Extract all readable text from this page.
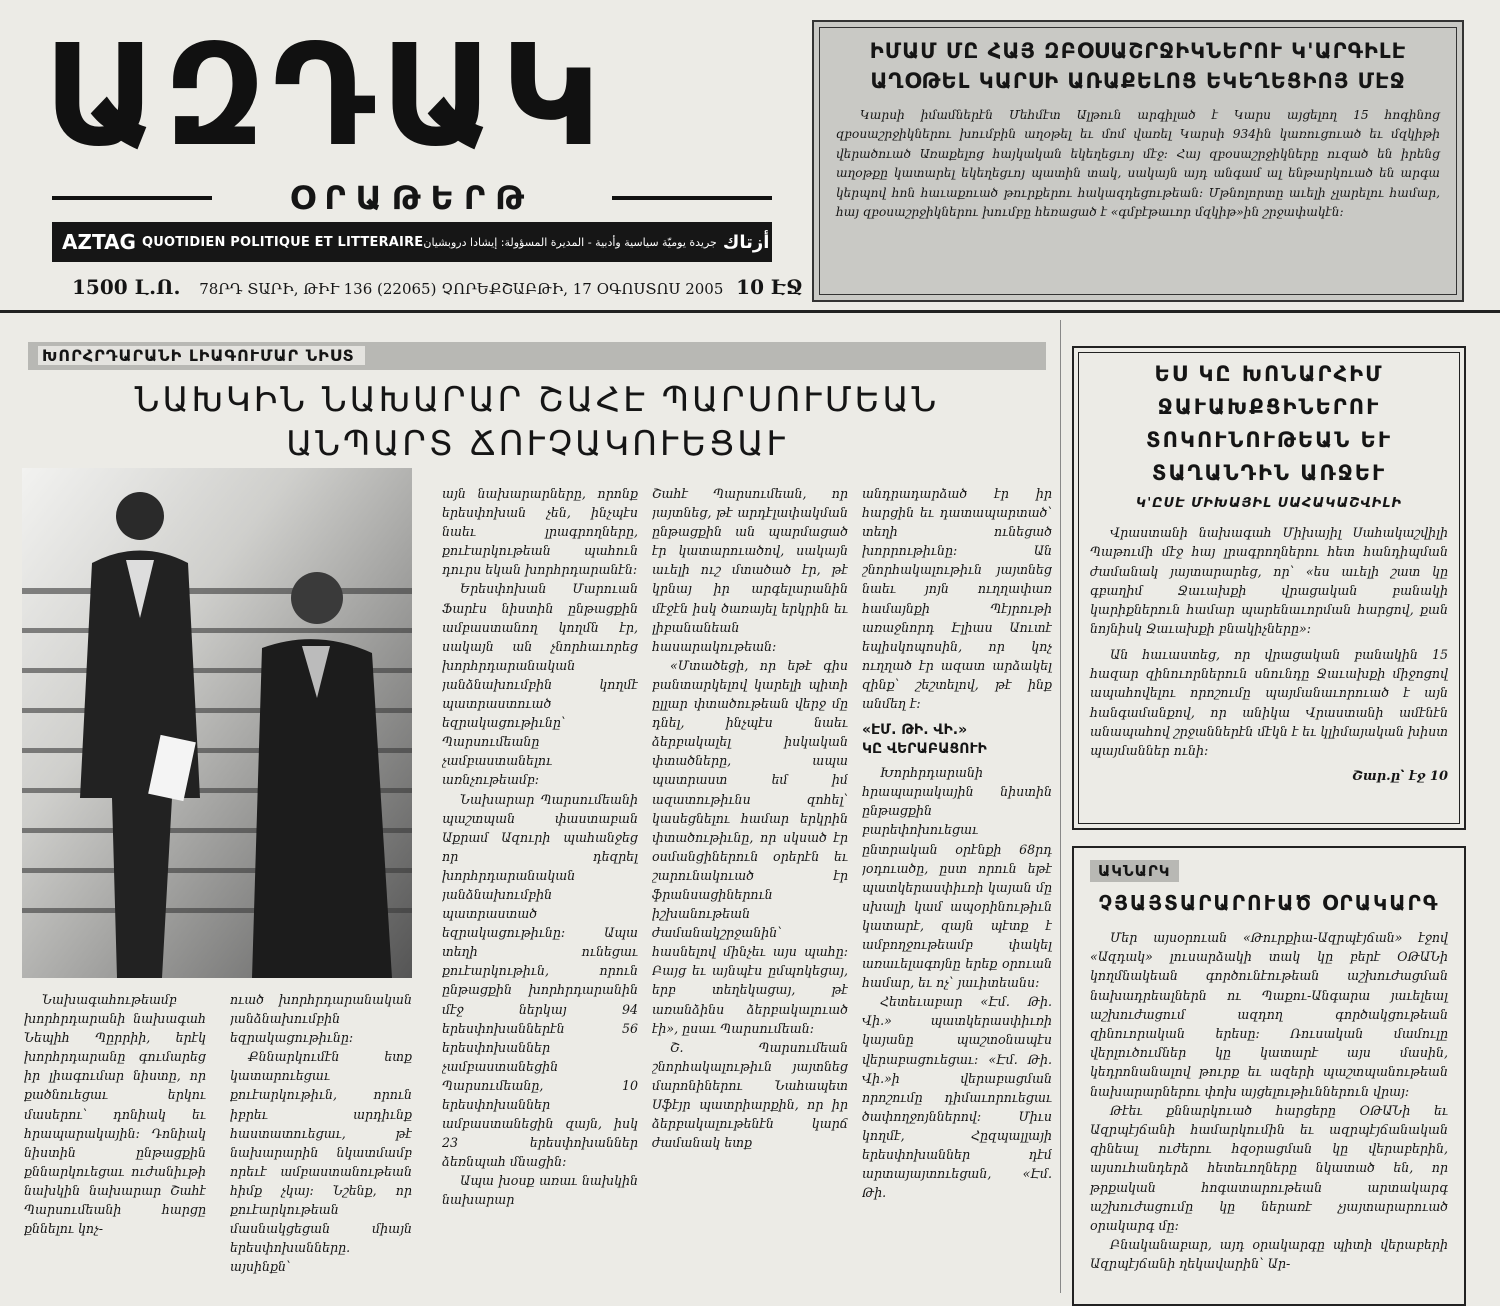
ԱԶԴԱԿ
ՕՐԱԹԵՐԹ
AZTAG QUOTIDIEN POLITIQUE ET LITTERAIRE جريدة يوميّة سياسية وأدبية - المديرة المسؤولة: إيشادا دروبشيان أزتاك
1500 Լ.Ո. 78ՐԴ ՏԱՐԻ, ԹԻՒ 136 (22065) ՉՈՐԵՔՇԱԲԹԻ, 17 ՕԳՈՍՏՈՍ 2005 10 ԷՋ
ԻՄԱՄ ՄԸ ՀԱՅ ԶԲՕՍԱՇՐՋԻԿՆԵՐՈՒ Կ'ԱՐԳԻԼԷ ԱՂՕԹԵԼ ԿԱՐՍԻ ԱՌԱՔԵԼՈՑ ԵԿԵՂԵՑԻՈՅ ՄԷՋ
Կարսի իմամներէն Մեհմէտ Ալթուն արգիլած է Կարս այցելող 15 հոգինոց զբօսաշրջիկներու խումբին աղօթել եւ մոմ վառել Կարսի 934ին կառուցուած եւ մզկիթի վերածուած Առաքելոց հայկական եկեղեցւոյ մէջ: Հայ զբօսաշրջիկները ուզած են իրենց աղօթքը կատարել եկեղեցւոյ պատին տակ, սակայն այդ անգամ ալ ենթարկուած են արգա կերպով հոն հաւաքուած թուրքերու հակազդեցութեան: Մթնոլորտը աւելի չլարելու համար, հայ զբօսաշրջիկներու խումբը հեռացած է «գմբէթաւոր մզկիթ»ին շրջափակէն:
ԽՈՐՀՐԴԱՐԱՆԻ ԼԻԱԳՈՒՄԱՐ ՆԻՍՏ
ՆԱԽԿԻՆ ՆԱԽԱՐԱՐ ՇԱՀԷ ՊԱՐՍՈՒՄԵԱՆ
ԱՆՊԱՐՏ ՃՈՒՉԱԿՈՒԵՑԱՒ

Նախագահութեամբ խորհրդարանի նախագահ Նեպիհ Պըրրիի, երէկ խորհրդարանը գումարեց իր լիագումար նիստը, որ քածնուեցաւ երկու մասերու՝ դոնիակ եւ հրապարակային: Դոնիակ նիստին ընթացքին քննարկուեցաւ ուժանիւթի նախկին նախարար Շահէ Պարսումեանի հարցը քննելու կոչ-

ուած խորհրդարանական յանձնախումբին եզրակացութիւնը:

Քննարկումէն ետք կատարուեցաւ քուէարկութիւն, որուն իբրեւ արդիւնք հաստատուեցաւ, թէ նախարարին նկատմամբ որեւէ ամբաստանութեան հիմք չկայ: Նշենք, որ քուէարկութեան մասնակցեցան միայն երեսփոխանները. այսինքն՝

այն նախարարները, որոնք երեսփոխան չեն, ինչպէս նաեւ լրագրողները, քուէարկութեան պահուն դուրս եկան խորհրդարանէն:

Երեսփոխան Մարուան Ֆարէս նիստին ընթացքին ամբաստանող կողմն էր, սակայն ան չնորհաւորեց խորհրդարանական յանձնախումբին կողմէ պատրաստուած եզրակացութիւնը՝ Պարսումեանը չամբաստանելու առնչութեամբ:

Նախարար Պարսումեանի պաշտպան փաստաբան Աքրամ Ազուրի պահանջեց որ դեզրել խորհրդարանական յանձնախումբին պատրաստած եզրակացութիւնը: Ապա տեղի ունեցաւ քուէարկութիւն, որուն ընթացքին խորհրդարանին մէջ ներկայ 94 երեսփոխաններէն 56 երեսփոխաններ չամբաստանեցին Պարսումեանը, 10 երեսփոխաններ ամբաստանեցին զայն, իսկ 23 երեսփոխաններ ձեռնպահ մնացին:

Ապա խօսք առաւ նախկին նախարար

Շահէ Պարսումեան, որ յայտնեց, թէ արդէլափակման ընթացքին ան պարմացած էր կատարուածով, սակայն աւելի ուշ մտածած էր, թէ կրնայ իր արգելարանին մէջէն իսկ ծառայել երկրին եւ լիբանանեան հասարակութեան:

«Մտածեցի, որ եթէ գիս բանտարկելով կարելի պիտի ըլլար փտածութեան վերջ մը դնել, ինչպէս նաեւ ձերբակալել իսկական փտածները, ապա պատրաստ եմ իմ ազատութիւնս զոհել՝ կասեցնելու համար երկրին փտածութիւնը, որ սկսած էր օսմանցիներուն օրերէն եւ շարունակուած էր ֆրանսացիներուն իշխանութեան ժամանակշրջանին՝ հասնելով մինչեւ այս պահը: Բայց եւ այնպէս ըմպոկեցայ, երբ տեղեկացայ, թէ առանձինս ձերբակալուած էի», ըսաւ Պարսումեան:

Շ. Պարսումեան շնորհակալութիւն յայտնեց մարոնիներու Նահապետ Սֆէյր պատրիարքին, որ իր ձերբակալութենէն կարճ ժամանակ ետք

անդրադարձած էր իր հարցին եւ դատապարտած՝ տեղի ունեցած խորրութիւնը: Ան շնորհակալութիւն յայտնեց նաեւ յոյն ուղղափառ համայնքի Պէյրութի առաջնորդ Էլիաս Աուտէ եպիսկոպոսին, որ կոչ ուղղած էր ազատ արձակել զինք՝ շեշտելով, թէ ինք անմեղ է:

«ԷՄ. ԹԻ. ՎԻ.»
ԿԸ ՎԵՐԱԲԱՑՈՒԻ

Խորհրդարանի հրապարակային նիստին ընթացքին բարեփոխուեցաւ ընտրական օրէնքի 68րդ յօդուածը, ըստ որուն եթէ պատկերասփիւռի կայան մը սխալի կամ ապօրինութիւն կատարէ, զայն պէտք է ամբողջութեամբ փակել առաւելագոյնը երեք օրուան համար, եւ ոչ՝ յաւիտեանս:

Հետեւաբար «Էմ. Թի. Վի.» պատկերասփիւռի կայանը պաշտօնապէս վերաբացուեցաւ: «Էմ. Թի. Վի.»ի վերաբացման որոշումը դիմաւորուեցաւ ծափողջոյններով: Միւս կողմէ, Հըզպալլայի երեսփոխաններ դէմ արտայայտուեցան, «Էմ. Թի.

ԵՍ ԿԸ ԽՈՆԱՐՀԻՄ ՋԱՒԱԽՔՑԻՆԵՐՈՒ ՏՈԿՈՒՆՈՒԹԵԱՆ ԵՒ ՏԱՂԱՆԴԻՆ ԱՌՋԵՒ
Կ'ԸՍԷ ՄԻԽԱՅԻԼ ՍԱՀԱԿԱՇՎԻԼԻ

Վրաստանի նախագահ Միխայիլ Սահակաշվիլի Պաթումի մէջ հայ լրագրողներու հետ հանդիպման ժամանակ յայտարարեց, որ՝ «ես աւելի շատ կը գբաղիմ Ջաւախքի վրացական բանակի կարիքներուն համար պարենաւորման հարցով, քան նոյնիսկ Ջաւախքի բնակիչները»:

Ան հաւաստեց, որ վրացական բանակին 15 հազար զինուորներուն սնունդը Ջաւախքի միջոցով ապահովելու որոշումը պայմանաւորուած է այն հանգամանքով, որ անիկա Վրաստանի ամէնէն անապահով շրջաններէն մէկն է եւ կլիմայական խիստ պայմաններ ունի:

Շար.ը՝ էջ 10
ԱԿՆԱՐԿ
ՉՅԱՅՏԱՐԱՐՈՒԱԾ ՕՐԱԿԱՐԳ

Մեր այսօրուան «Թուրքիա-Ազրպէյճան» էջով «Ազդակ» լուսարձակի տակ կը բերէ ՕԹԱՆի կողմնակեան գործունէութեան աշխուժացման նախադրեալներն ու Պաքու-Անգարա յաւելեալ աշխուժացում ազդող գործակցութեան զինուորական երեսը: Ռուսական մամուլը վերլուծումներ կը կատարէ այս մասին, կեդրոնանալով թուրք եւ ազերի պաշտպանութեան նախարարներու փոխ այցելութիւններուն վրայ:

Թէեւ քննարկուած հարցերը ՕԹԱՆի եւ Ազրպէյճանի համարկումին եւ ազրպէյճանական զինեալ ուժերու հզօրացման կը վերաբերին, այսուհանդերձ հետեւողները նկատած են, որ թրքական հոգատարութեան արտակարգ աշխուժացումը կը ներառէ չյայտարարուած օրակարգ մը:

Բնականաբար, այդ օրակարգը պիտի վերաբերի Ազրպէյճանի ղեկավարին՝ Ար-
